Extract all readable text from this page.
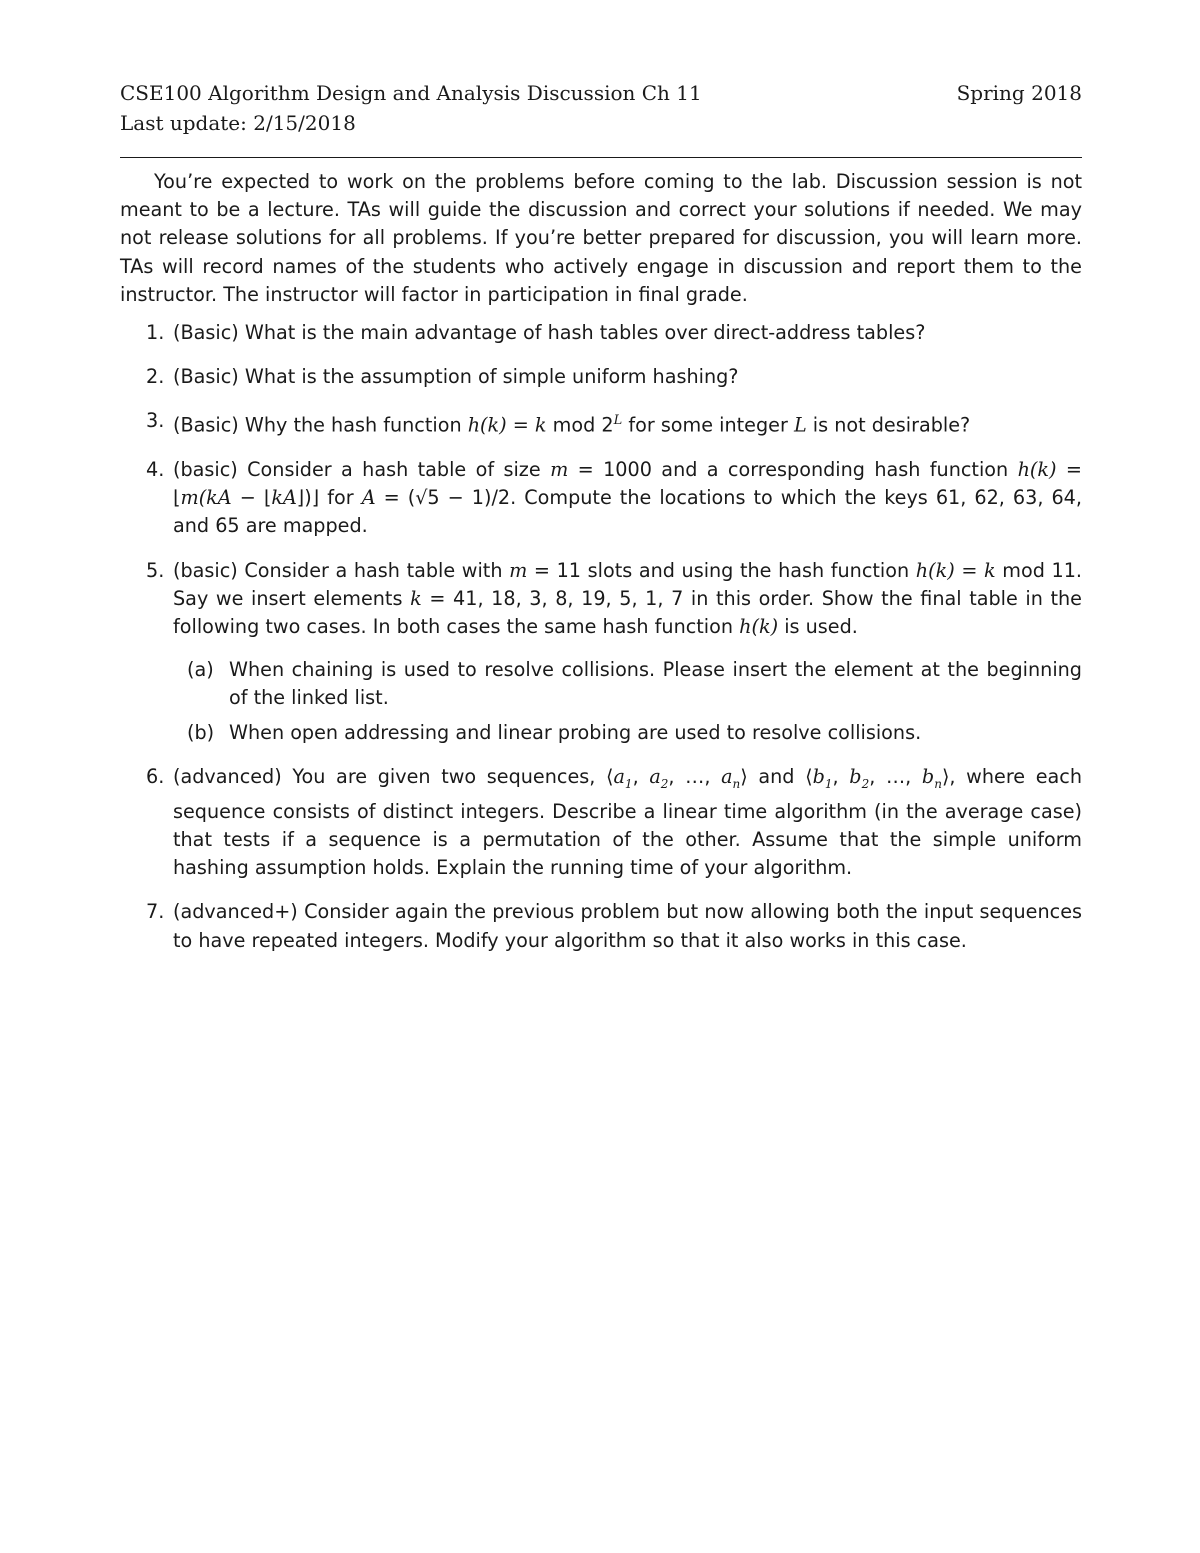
CSE100 Algorithm Design and Analysis Discussion Ch 11	Spring 2018
Last update: 2/15/2018

You’re expected to work on the problems before coming to the lab. Discussion session is not meant to be a lecture. TAs will guide the discussion and correct your solutions if needed. We may not release solutions for all problems. If you’re better prepared for discussion, you will learn more. TAs will record names of the students who actively engage in discussion and report them to the instructor. The instructor will factor in participation in final grade.

1. (Basic) What is the main advantage of hash tables over direct-address tables?
2. (Basic) What is the assumption of simple uniform hashing?
3. (Basic) Why the hash function h(k) = k mod $2^L$ for some integer L is not desirable?
4. (basic) Consider a hash table of size m = 1000 and a corresponding hash function h(k) = ⌊m(kA − ⌊kA⌋)⌋ for A = (√5 − 1)/2. Compute the locations to which the keys 61, 62, 63, 64, and 65 are mapped.
5. (basic) Consider a hash table with m = 11 slots and using the hash function h(k) = k mod 11. Say we insert elements k = 41, 18, 3, 8, 19, 5, 1, 7 in this order. Show the final table in the following two cases. In both cases the same hash function h(k) is used.
(a) When chaining is used to resolve collisions. Please insert the element at the beginning of the linked list.
(b) When open addressing and linear probing are used to resolve collisions.
6. (advanced) You are given two sequences, $⟨a_1$, $a_2$, …, $a_n⟩$ and $⟨b_1$, $b_2$, …, $b_n⟩$, where each sequence consists of distinct integers. Describe a linear time algorithm (in the average case) that tests if a sequence is a permutation of the other. Assume that the simple uniform hashing assumption holds. Explain the running time of your algorithm.
7. (advanced+) Consider again the previous problem but now allowing both the input sequences to have repeated integers. Modify your algorithm so that it also works in this case.
